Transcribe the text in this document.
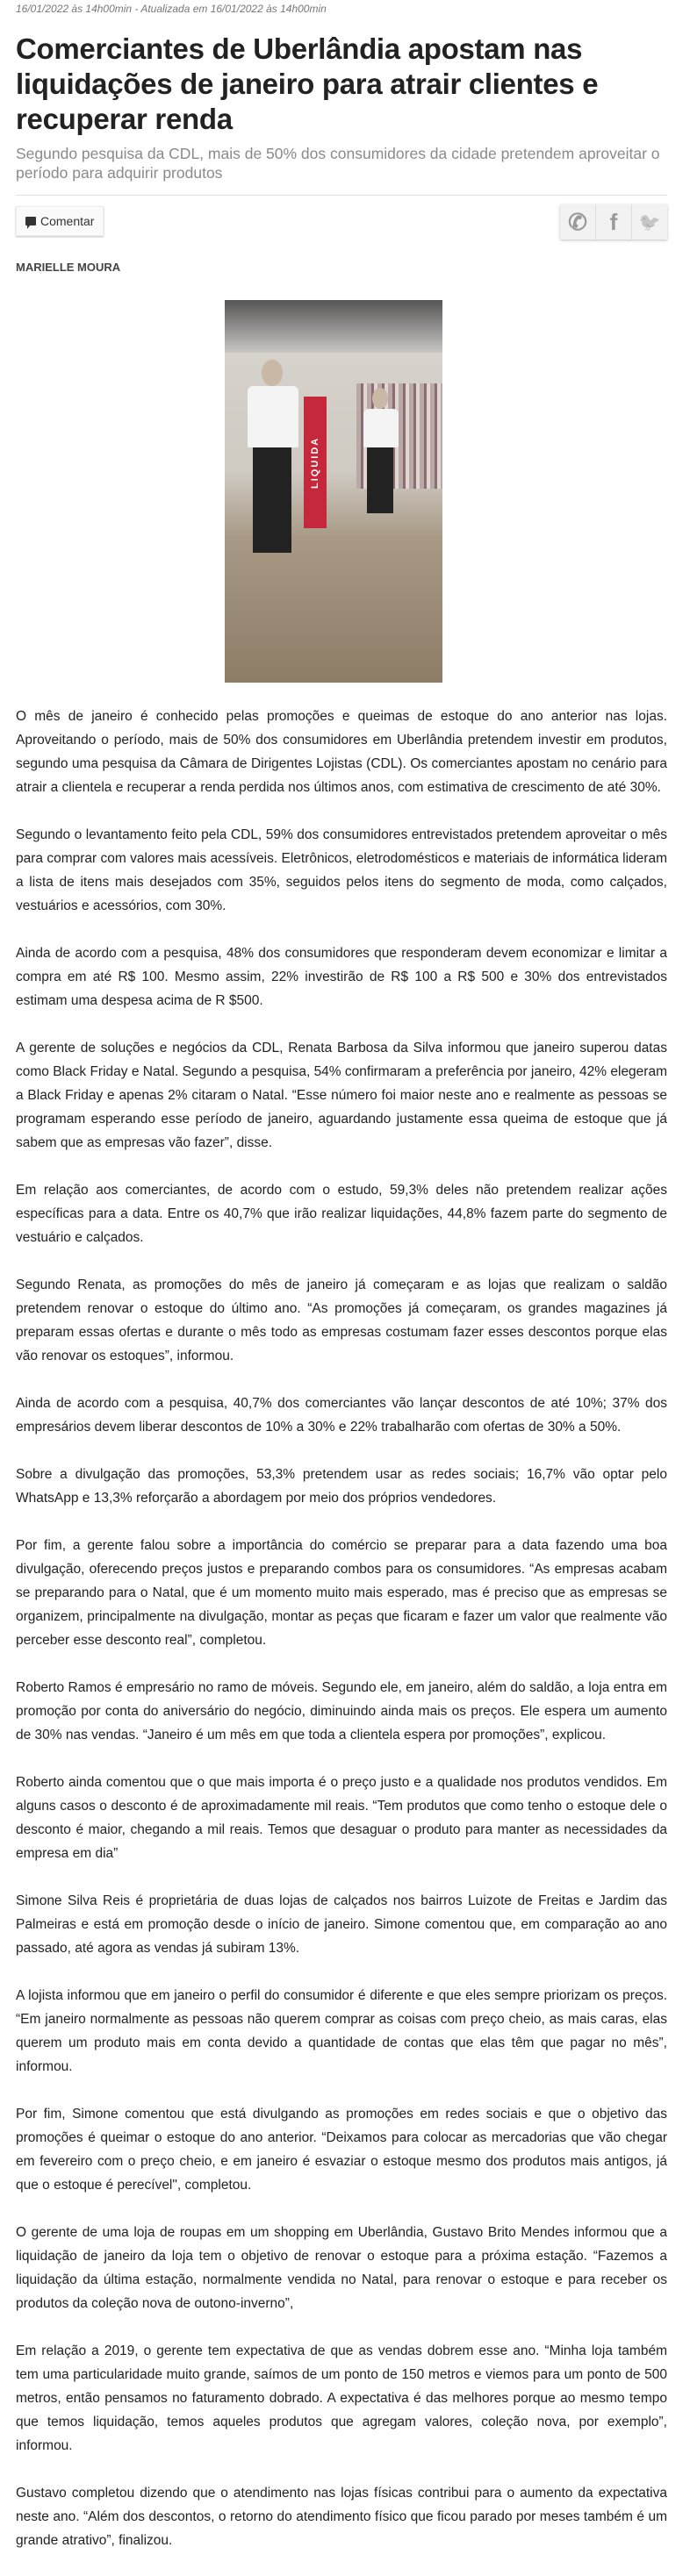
16/01/2022 às 14h00min - Atualizada em 16/01/2022 às 14h00min
Comerciantes de Uberlândia apostam nas liquidações de janeiro para atrair clientes e recuperar renda
Segundo pesquisa da CDL, mais de 50% dos consumidores da cidade pretendem aproveitar o período para adquirir produtos
Comentar	✆ f 🐦
MARIELLE MOURA
LIQUIDA

O mês de janeiro é conhecido pelas promoções e queimas de estoque do ano anterior nas lojas. Aproveitando o período, mais de 50% dos consumidores em Uberlândia pretendem investir em produtos, segundo uma pesquisa da Câmara de Dirigentes Lojistas (CDL). Os comerciantes apostam no cenário para atrair a clientela e recuperar a renda perdida nos últimos anos, com estimativa de crescimento de até 30%.

Segundo o levantamento feito pela CDL, 59% dos consumidores entrevistados pretendem aproveitar o mês para comprar com valores mais acessíveis. Eletrônicos, eletrodomésticos e materiais de informática lideram a lista de itens mais desejados com 35%, seguidos pelos itens do segmento de moda, como calçados, vestuários e acessórios, com 30%.

Ainda de acordo com a pesquisa, 48% dos consumidores que responderam devem economizar e limitar a compra em até R$ 100. Mesmo assim, 22% investirão de R$ 100 a R$ 500 e 30% dos entrevistados estimam uma despesa acima de R $500.

A gerente de soluções e negócios da CDL, Renata Barbosa da Silva informou que janeiro superou datas como Black Friday e Natal. Segundo a pesquisa, 54% confirmaram a preferência por janeiro, 42% elegeram a Black Friday e apenas 2% citaram o Natal. “Esse número foi maior neste ano e realmente as pessoas se programam esperando esse período de janeiro, aguardando justamente essa queima de estoque que já sabem que as empresas vão fazer”, disse.

Em relação aos comerciantes, de acordo com o estudo, 59,3% deles não pretendem realizar ações específicas para a data. Entre os 40,7% que irão realizar liquidações, 44,8% fazem parte do segmento de vestuário e calçados.

Segundo Renata, as promoções do mês de janeiro já começaram e as lojas que realizam o saldão pretendem renovar o estoque do último ano. “As promoções já começaram, os grandes magazines já preparam essas ofertas e durante o mês todo as empresas costumam fazer esses descontos porque elas vão renovar os estoques”, informou.

Ainda de acordo com a pesquisa, 40,7% dos comerciantes vão lançar descontos de até 10%; 37% dos empresários devem liberar descontos de 10% a 30% e 22% trabalharão com ofertas de 30% a 50%.

Sobre a divulgação das promoções, 53,3% pretendem usar as redes sociais; 16,7% vão optar pelo WhatsApp e 13,3% reforçarão a abordagem por meio dos próprios vendedores.

Por fim, a gerente falou sobre a importância do comércio se preparar para a data fazendo uma boa divulgação, oferecendo preços justos e preparando combos para os consumidores. “As empresas acabam se preparando para o Natal, que é um momento muito mais esperado, mas é preciso que as empresas se organizem, principalmente na divulgação, montar as peças que ficaram e fazer um valor que realmente vão perceber esse desconto real”, completou.

Roberto Ramos é empresário no ramo de móveis. Segundo ele, em janeiro, além do saldão, a loja entra em promoção por conta do aniversário do negócio, diminuindo ainda mais os preços. Ele espera um aumento de 30% nas vendas. “Janeiro é um mês em que toda a clientela espera por promoções”, explicou.

Roberto ainda comentou que o que mais importa é o preço justo e a qualidade nos produtos vendidos. Em alguns casos o desconto é de aproximadamente mil reais. “Tem produtos que como tenho o estoque dele o desconto é maior, chegando a mil reais. Temos que desaguar o produto para manter as necessidades da empresa em dia”

Simone Silva Reis é proprietária de duas lojas de calçados nos bairros Luizote de Freitas e Jardim das Palmeiras e está em promoção desde o início de janeiro. Simone comentou que, em comparação ao ano passado, até agora as vendas já subiram 13%.

A lojista informou que em janeiro o perfil do consumidor é diferente e que eles sempre priorizam os preços. “Em janeiro normalmente as pessoas não querem comprar as coisas com preço cheio, as mais caras, elas querem um produto mais em conta devido a quantidade de contas que elas têm que pagar no mês”, informou.

Por fim, Simone comentou que está divulgando as promoções em redes sociais e que o objetivo das promoções é queimar o estoque do ano anterior. “Deixamos para colocar as mercadorias que vão chegar em fevereiro com o preço cheio, e em janeiro é esvaziar o estoque mesmo dos produtos mais antigos, já que o estoque é perecível", completou.

O gerente de uma loja de roupas em um shopping em Uberlândia, Gustavo Brito Mendes informou que a liquidação de janeiro da loja tem o objetivo de renovar o estoque para a próxima estação. “Fazemos a liquidação da última estação, normalmente vendida no Natal, para renovar o estoque e para receber os produtos da coleção nova de outono-inverno”,

Em relação a 2019, o gerente tem expectativa de que as vendas dobrem esse ano. “Minha loja também tem uma particularidade muito grande, saímos de um ponto de 150 metros e viemos para um ponto de 500 metros, então pensamos no faturamento dobrado. A expectativa é das melhores porque ao mesmo tempo que temos liquidação, temos aqueles produtos que agregam valores, coleção nova, por exemplo”, informou.

Gustavo completou dizendo que o atendimento nas lojas físicas contribui para o aumento da expectativa neste ano. “Além dos descontos, o retorno do atendimento físico que ficou parado por meses também é um grande atrativo”, finalizou.
